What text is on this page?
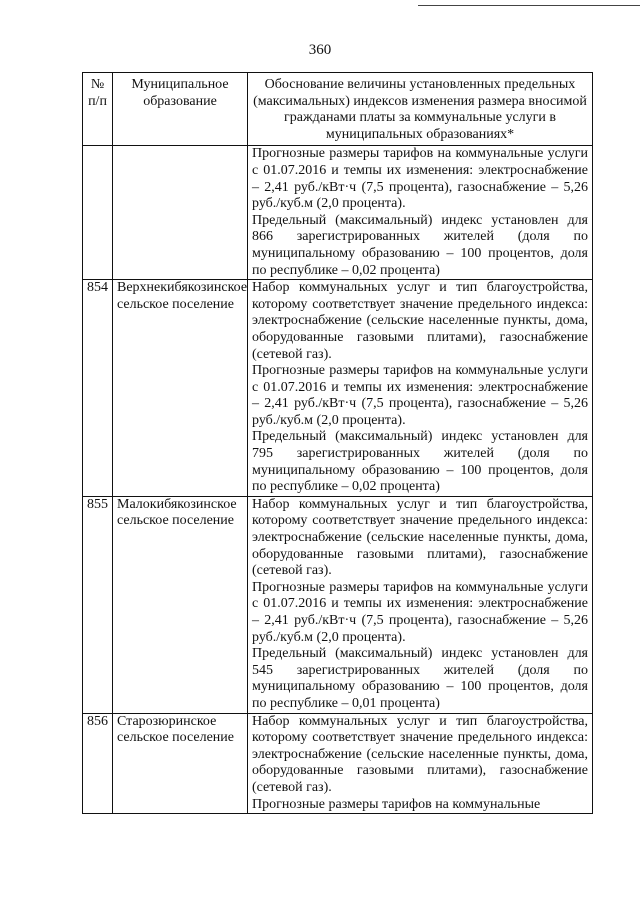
360
№ п/п	Муниципальное образование	Обоснование величины установленных предельных (максимальных) индексов изменения размера вносимой гражданами платы за коммунальные услуги в муниципальных образованиях*

		Прогнозные размеры тарифов на коммунальные услуги с 01.07.2016 и темпы их изменения: электроснабжение – 2,41 руб./кВт·ч (7,5 процента), газоснабжение – 5,26 руб./куб.м (2,0 процента).

Предельный (максимальный) индекс установлен для 866 зарегистрированных жителей (доля по муниципальному образованию – 100 процентов, доля по республике – 0,02 процента)

854	Верхнекибякозинское сельское поселение	Набор коммунальных услуг и тип благоустройства, которому соответствует значение предельного индекса: электроснабжение (сельские населенные пункты, дома, оборудованные газовыми плитами), газоснабжение (сетевой газ).

Прогнозные размеры тарифов на коммунальные услуги с 01.07.2016 и темпы их изменения: электроснабжение – 2,41 руб./кВт·ч (7,5 процента), газоснабжение – 5,26 руб./куб.м (2,0 процента).

Предельный (максимальный) индекс установлен для 795 зарегистрированных жителей (доля по муниципальному образованию – 100 процентов, доля по республике – 0,02 процента)

855	Малокибякозинское сельское поселение	Набор коммунальных услуг и тип благоустройства, которому соответствует значение предельного индекса: электроснабжение (сельские населенные пункты, дома, оборудованные газовыми плитами), газоснабжение (сетевой газ).

Прогнозные размеры тарифов на коммунальные услуги с 01.07.2016 и темпы их изменения: электроснабжение – 2,41 руб./кВт·ч (7,5 процента), газоснабжение – 5,26 руб./куб.м (2,0 процента).

Предельный (максимальный) индекс установлен для 545 зарегистрированных жителей (доля по муниципальному образованию – 100 процентов, доля по республике – 0,01 процента)

856	Старозюринское сельское поселение	Набор коммунальных услуг и тип благоустройства, которому соответствует значение предельного индекса: электроснабжение (сельские населенные пункты, дома, оборудованные газовыми плитами), газоснабжение (сетевой газ).

Прогнозные размеры тарифов на коммунальные
